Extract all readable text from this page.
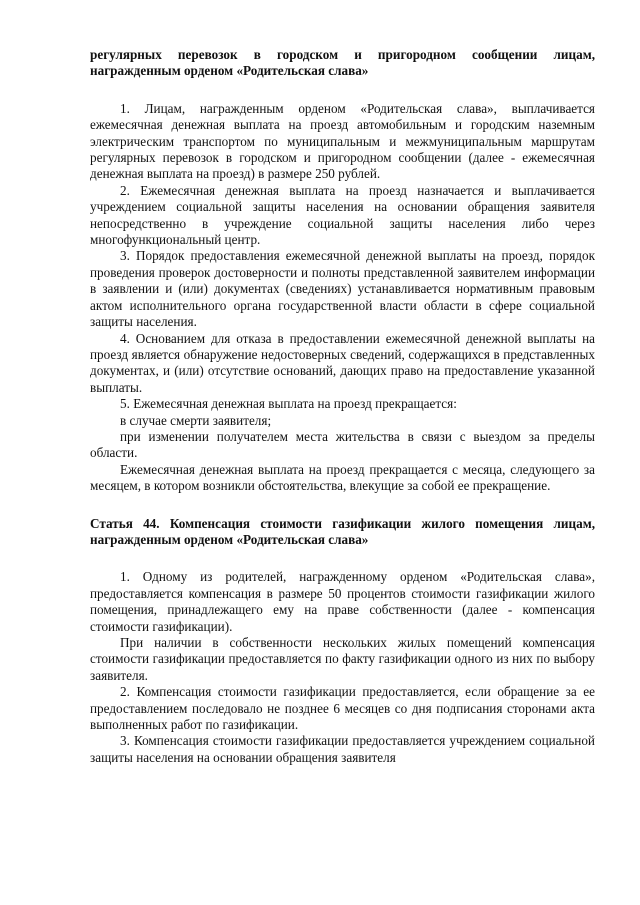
регулярных перевозок в городском и пригородном сообщении лицам, награжденным орденом «Родительская слава»

1. Лицам, награжденным орденом «Родительская слава», выплачивается ежемесячная денежная выплата на проезд автомобильным и городским наземным электрическим транспортом по муниципальным и межмуниципальным маршрутам регулярных перевозок в городском и пригородном сообщении (далее - ежемесячная денежная выплата на проезд) в размере 250 рублей.

2. Ежемесячная денежная выплата на проезд назначается и выплачивается учреждением социальной защиты населения на основании обращения заявителя непосредственно в учреждение социальной защиты населения либо через многофункциональный центр.

3. Порядок предоставления ежемесячной денежной выплаты на проезд, порядок проведения проверок достоверности и полноты представленной заявителем информации в заявлении и (или) документах (сведениях) устанавливается нормативным правовым актом исполнительного органа государственной власти области в сфере социальной защиты населения.

4. Основанием для отказа в предоставлении ежемесячной денежной выплаты на проезд является обнаружение недостоверных сведений, содержащихся в представленных документах, и (или) отсутствие оснований, дающих право на предоставление указанной выплаты.

5. Ежемесячная денежная выплата на проезд прекращается:

в случае смерти заявителя;

при изменении получателем места жительства в связи с выездом за пределы области.

Ежемесячная денежная выплата на проезд прекращается с месяца, следующего за месяцем, в котором возникли обстоятельства, влекущие за собой ее прекращение.

Статья 44. Компенсация стоимости газификации жилого помещения лицам, награжденным орденом «Родительская слава»

1. Одному из родителей, награжденному орденом «Родительская слава», предоставляется компенсация в размере 50 процентов стоимости газификации жилого помещения, принадлежащего ему на праве собственности (далее - компенсация стоимости газификации).

При наличии в собственности нескольких жилых помещений компенсация стоимости газификации предоставляется по факту газификации одного из них по выбору заявителя.

2. Компенсация стоимости газификации предоставляется, если обращение за ее предоставлением последовало не позднее 6 месяцев со дня подписания сторонами акта выполненных работ по газификации.

3. Компенсация стоимости газификации предоставляется учреждением социальной защиты населения на основании обращения заявителя
